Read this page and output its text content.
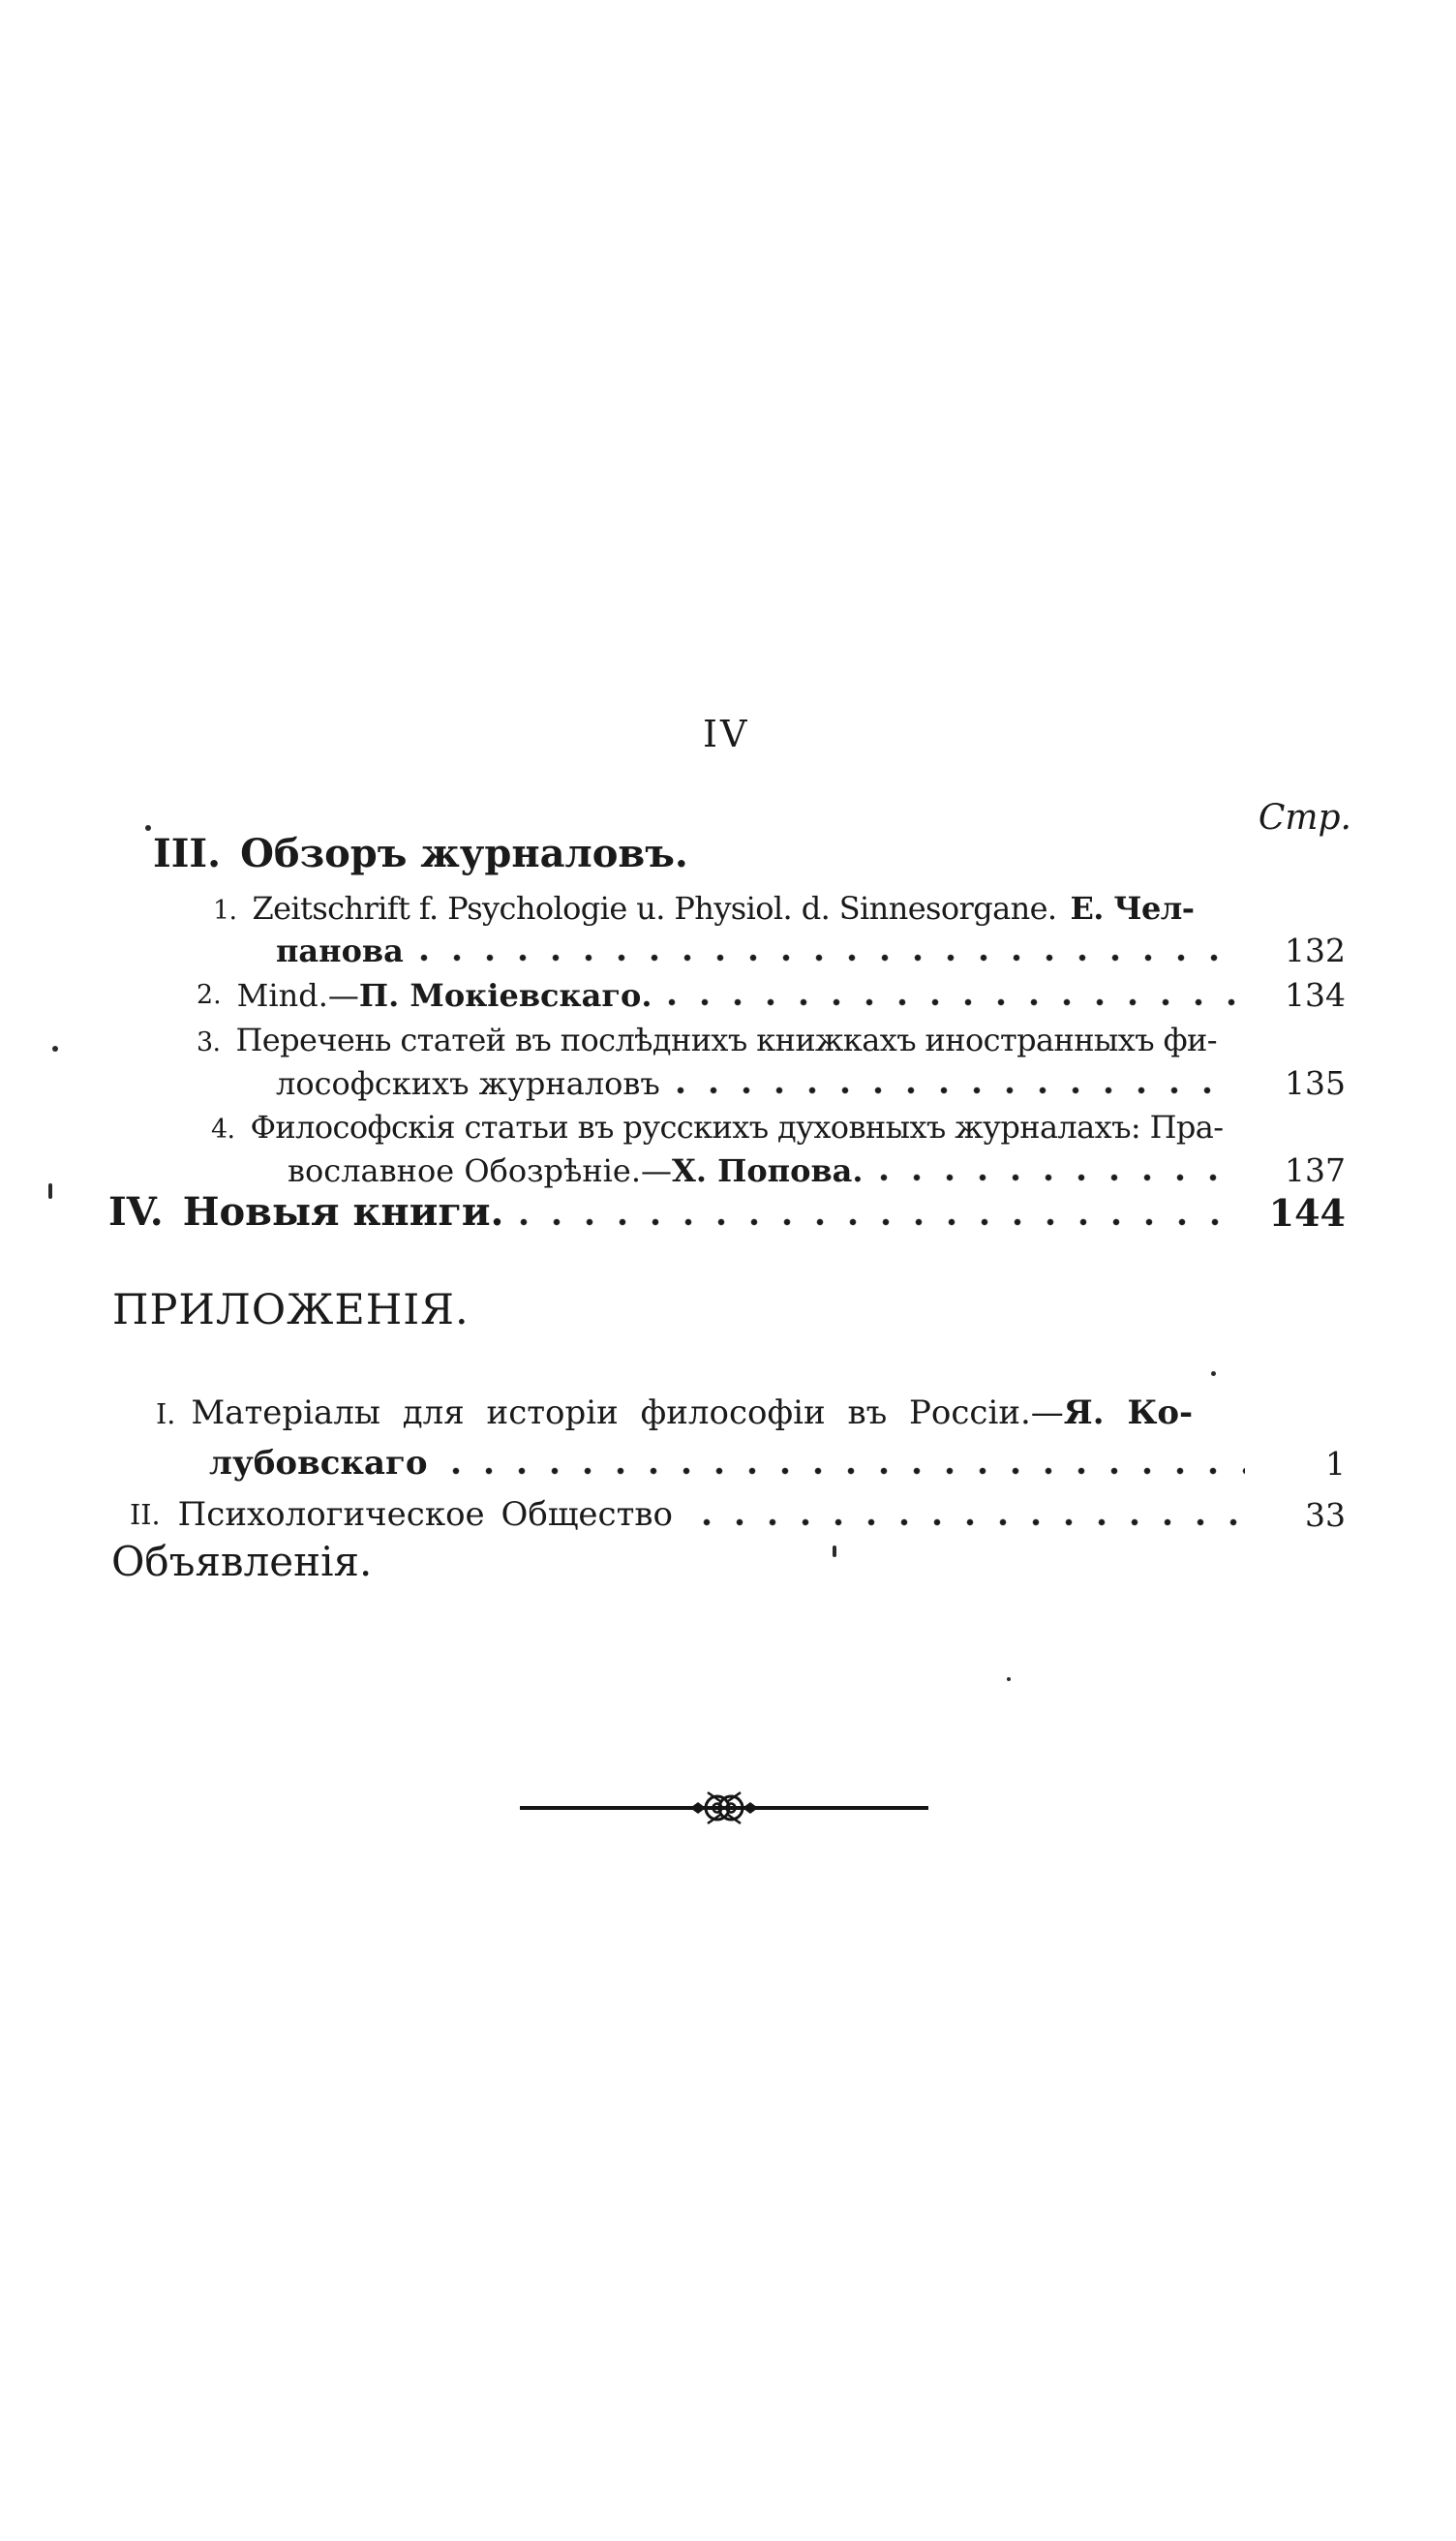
IV
Стр.
III. Обзоръ журналовъ.
1. Zeitschrift f. Psychologie u. Physiol. d. Sinnesorgane. Е. Чел-
панова	132
2. Mind.— П. Мокіевскаго.	134
3. Перечень статей въ послѣднихъ книжкахъ иностранныхъ фи-
лософскихъ журналовъ	135
4. Философскія статьи въ русскихъ духовныхъ журналахъ: Пра-
вославное Обозрѣніе.— Х. Попова.	137
IV. Новыя книги.	144
ПРИЛОЖЕНІЯ.
I. Матеріалы для исторіи философіи въ Россіи.—Я. Ко-
лубовскаго	1
II. Психологическое Общество	33
Объявленія.
